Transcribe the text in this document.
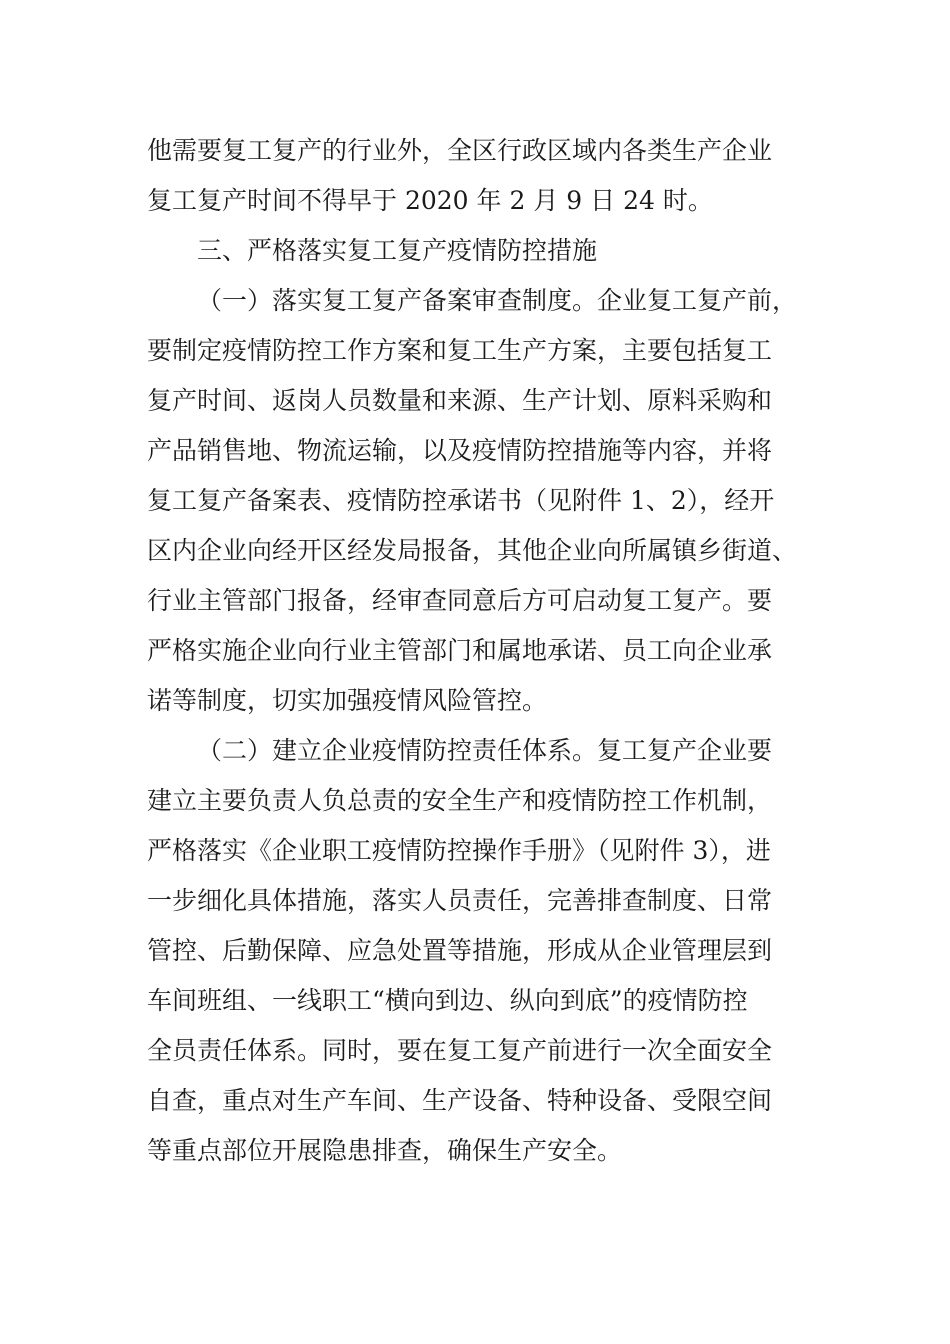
他需要复工复产的行业外，全区行政区域内各类生产企业
复工复产时间不得早于 2020 年 2 月 9 日 24 时。
三、严格落实复工复产疫情防控措施
（一）落实复工复产备案审查制度。企业复工复产前，
要制定疫情防控工作方案和复工生产方案，主要包括复工
复产时间、返岗人员数量和来源、生产计划、原料采购和
产品销售地、物流运输，以及疫情防控措施等内容，并将
复工复产备案表、疫情防控承诺书（见附件 1、2），经开
区内企业向经开区经发局报备，其他企业向所属镇乡街道、
行业主管部门报备，经审查同意后方可启动复工复产。要
严格实施企业向行业主管部门和属地承诺、员工向企业承
诺等制度，切实加强疫情风险管控。
（二）建立企业疫情防控责任体系。复工复产企业要
建立主要负责人负总责的安全生产和疫情防控工作机制，
严格落实《企业职工疫情防控操作手册》（见附件 3），进
一步细化具体措施，落实人员责任，完善排查制度、日常
管控、后勤保障、应急处置等措施，形成从企业管理层到
车间班组、一线职工“横向到边、纵向到底”的疫情防控
全员责任体系。同时，要在复工复产前进行一次全面安全
自查，重点对生产车间、生产设备、特种设备、受限空间
等重点部位开展隐患排查，确保生产安全。
